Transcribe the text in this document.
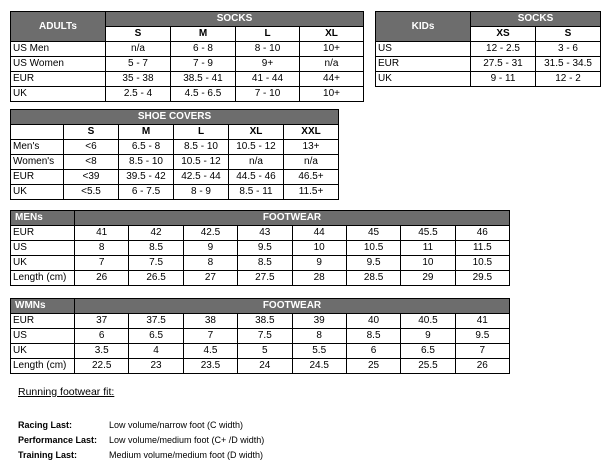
ADULTs	SOCKS			
	S	M	L	XL
US Men	n/a	6 - 8	8 - 10	10+
US Women	5 - 7	7 - 9	9+	n/a
EUR	35 - 38	38.5 - 41	41 - 44	44+
UK	2.5 - 4	4.5 - 6.5	7 - 10	10+
KIDs	SOCKS	
	XS	S
US	12 - 2.5	3 - 6
EUR	27.5 - 31	31.5 - 34.5
UK	9 - 11	12 - 2
SHOE COVERS					
	S	M	L	XL	XXL
Men's	<6	6.5 - 8	8.5 - 10	10.5 - 12	13+
Women's	<8	8.5 - 10	10.5 - 12	n/a	n/a
EUR	<39	39.5 - 42	42.5 - 44	44.5 - 46	46.5+
UK	<5.5	6 - 7.5	8 - 9	8.5 - 11	11.5+
MENs	FOOTWEAR							
EUR	41	42	42.5	43	44	45	45.5	46
US	8	8.5	9	9.5	10	10.5	11	11.5
UK	7	7.5	8	8.5	9	9.5	10	10.5
Length (cm)	26	26.5	27	27.5	28	28.5	29	29.5
WMNs	FOOTWEAR							
EUR	37	37.5	38	38.5	39	40	40.5	41
US	6	6.5	7	7.5	8	8.5	9	9.5
UK	3.5	4	4.5	5	5.5	6	6.5	7
Length (cm)	22.5	23	23.5	24	24.5	25	25.5	26
Running footwear fit:
Racing Last:	Low volume/narrow foot (C width)
Performance Last: Low volume/medium foot (C+ /D width)
Training Last:	Medium volume/medium foot (D width)
